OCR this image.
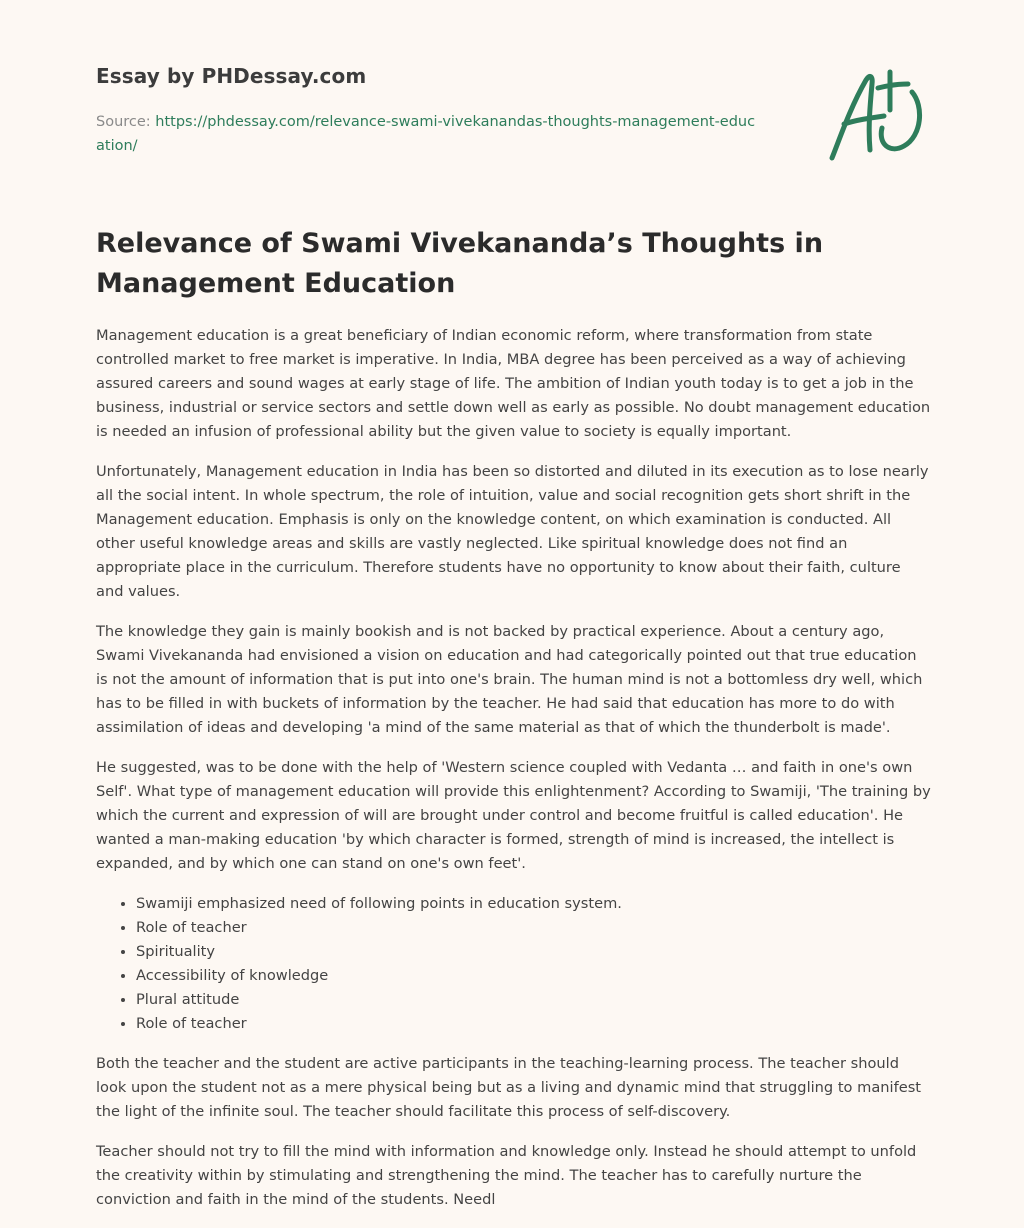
Essay by PHDessay.com
Source: https://phdessay.com/relevance-swami-vivekanandas-thoughts-management-education/
Relevance of Swami Vivekananda’s Thoughts in Management Education

Management education is a great beneficiary of Indian economic reform, where transformation from state controlled market to free market is imperative. In India, MBA degree has been perceived as a way of achieving assured careers and sound wages at early stage of life. The ambition of Indian youth today is to get a job in the business, industrial or service sectors and settle down well as early as possible. No doubt management education is needed an infusion of professional ability but the given value to society is equally important.

Unfortunately, Management education in India has been so distorted and diluted in its execution as to lose nearly all the social intent. In whole spectrum, the role of intuition, value and social recognition gets short shrift in the Management education. Emphasis is only on the knowledge content, on which examination is conducted. All other useful knowledge areas and skills are vastly neglected. Like spiritual knowledge does not find an appropriate place in the curriculum. Therefore students have no opportunity to know about their faith, culture and values.

The knowledge they gain is mainly bookish and is not backed by practical experience. About a century ago, Swami Vivekananda had envisioned a vision on education and had categorically pointed out that true education is not the amount of information that is put into one's brain. The human mind is not a bottomless dry well, which has to be filled in with buckets of information by the teacher. He had said that education has more to do with assimilation of ideas and developing 'a mind of the same material as that of which the thunderbolt is made'.

He suggested, was to be done with the help of 'Western science coupled with Vedanta … and faith in one's own Self'. What type of management education will provide this enlightenment? According to Swamiji, 'The training by which the current and expression of will are brought under control and become fruitful is called education'. He wanted a man-making education 'by which character is formed, strength of mind is increased, the intellect is expanded, and by which one can stand on one's own feet'.

• Swamiji emphasized need of following points in education system.
• Role of teacher
• Spirituality
• Accessibility of knowledge
• Plural attitude
• Role of teacher

Both the teacher and the student are active participants in the teaching-learning process. The teacher should look upon the student not as a mere physical being but as a living and dynamic mind that struggling to manifest the light of the infinite soul. The teacher should facilitate this process of self-discovery.

Teacher should not try to fill the mind with information and knowledge only. Instead he should attempt to unfold the creativity within by stimulating and strengthening the mind. The teacher has to carefully nurture the conviction and faith in the mind of the students. Needl
